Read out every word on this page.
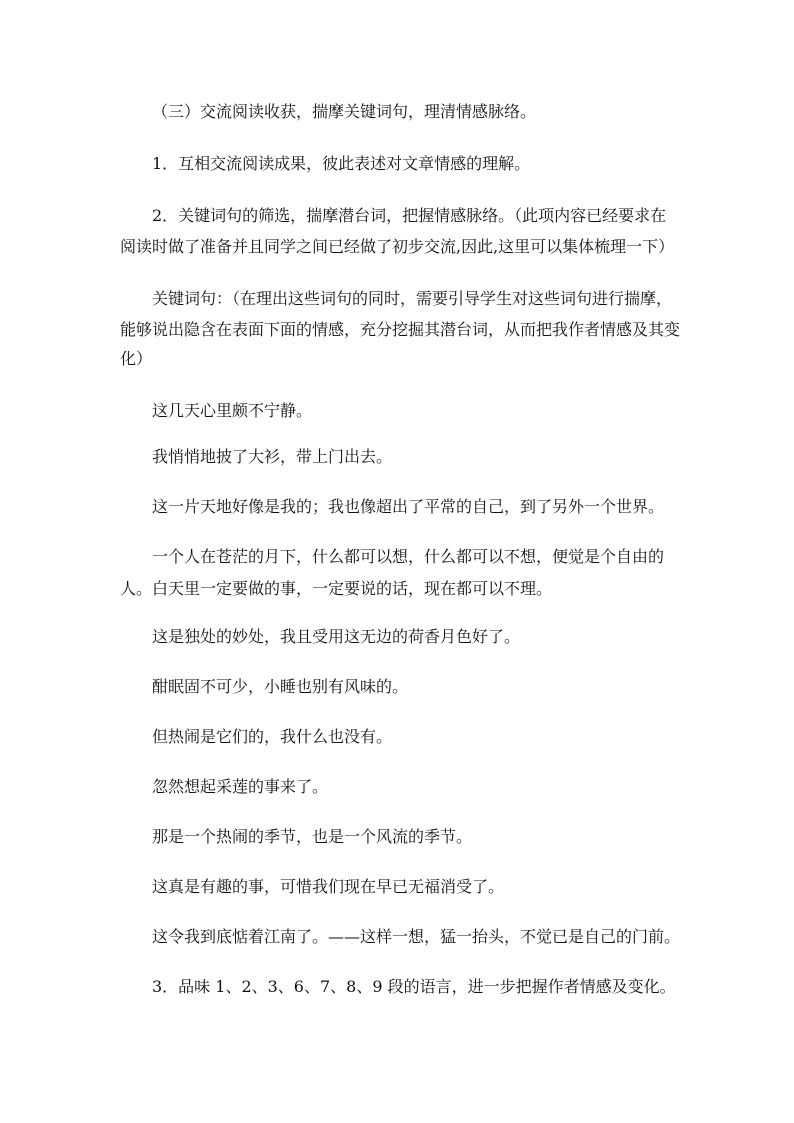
（三）交流阅读收获，揣摩关键词句，理清情感脉络。
1．互相交流阅读成果，彼此表述对文章情感的理解。
2．关键词句的筛选，揣摩潜台词，把握情感脉络。（此项内容已经要求在
阅读时做了准备并且同学之间已经做了初步交流,因此,这里可以集体梳理一下）
关键词句：（在理出这些词句的同时，需要引导学生对这些词句进行揣摩，
能够说出隐含在表面下面的情感，充分挖掘其潜台词，从而把我作者情感及其变
化）
这几天心里颇不宁静。
我悄悄地披了大衫，带上门出去。
这一片天地好像是我的；我也像超出了平常的自己，到了另外一个世界。
一个人在苍茫的月下，什么都可以想，什么都可以不想，便觉是个自由的
人。白天里一定要做的事，一定要说的话，现在都可以不理。
这是独处的妙处，我且受用这无边的荷香月色好了。
酣眠固不可少，小睡也别有风味的。
但热闹是它们的，我什么也没有。
忽然想起采莲的事来了。
那是一个热闹的季节，也是一个风流的季节。
这真是有趣的事，可惜我们现在早已无福消受了。
这令我到底惦着江南了。——这样一想，猛一抬头，不觉已是自己的门前。
3．品味 1、2、3、6、7、8、9 段的语言，进一步把握作者情感及变化。
